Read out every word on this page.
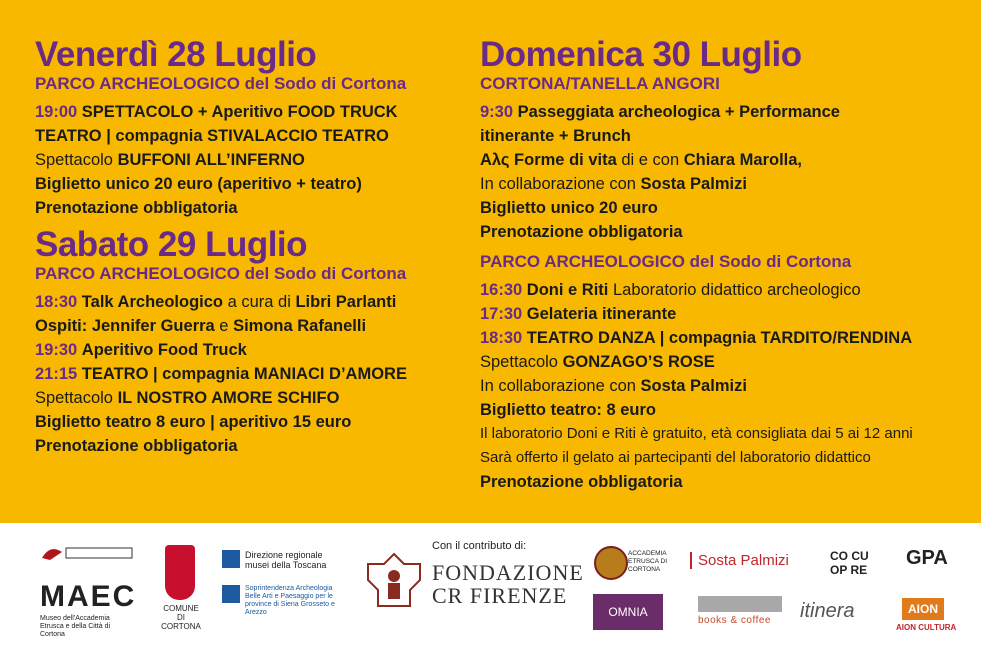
Venerdì 28 Luglio

PARCO ARCHEOLOGICO del Sodo di Cortona

19:00 SPETTACOLO + Aperitivo FOOD TRUCK

TEATRO | compagnia STIVALACCIO TEATRO

Spettacolo BUFFONI ALL’INFERNO

Biglietto unico 20 euro (aperitivo + teatro)

Prenotazione obbligatoria

Sabato 29 Luglio

PARCO ARCHEOLOGICO del Sodo di Cortona

18:30 Talk Archeologico a cura di Libri Parlanti

Ospiti: Jennifer Guerra e Simona Rafanelli

19:30 Aperitivo Food Truck

21:15 TEATRO | compagnia MANIACI D’AMORE

Spettacolo IL NOSTRO AMORE SCHIFO

Biglietto teatro 8 euro | aperitivo 15 euro

Prenotazione obbligatoria

Domenica 30 Luglio

CORTONA/TANELLA ANGORI

9:30 Passeggiata archeologica + Performance

itinerante + Brunch

Αλς Forme di vita di e con Chiara Marolla,

In collaborazione con Sosta Palmizi

Biglietto unico 20 euro

Prenotazione obbligatoria

PARCO ARCHEOLOGICO del Sodo di Cortona

16:30 Doni e Riti Laboratorio didattico archeologico

17:30 Gelateria itinerante

18:30 TEATRO DANZA | compagnia TARDITO/RENDINA

Spettacolo GONZAGO’S ROSE

In collaborazione con Sosta Palmizi

Biglietto teatro: 8 euro

Il laboratorio Doni e Riti è gratuito, età consigliata dai 5 ai 12 anni

Sarà offerto il gelato ai partecipanti del laboratorio didattico

Prenotazione obbligatoria

MAEC
Museo dell'Accademia Etrusca e della Città di Cortona
COMUNE DI CORTONA
Direzione regionale musei della Toscana
Soprintendenza Archeologia Belle Arti e Paesaggio per le province di Siena Grosseto e Arezzo
Con il contributo di:
FONDAZIONE
CR FIRENZE
ACCADEMIA ETRUSCA DI CORTONA
Sosta Palmizi	CO CU OP RE
GPA
OMNIA
books & coffee itinera	AION
AION CULTURA
